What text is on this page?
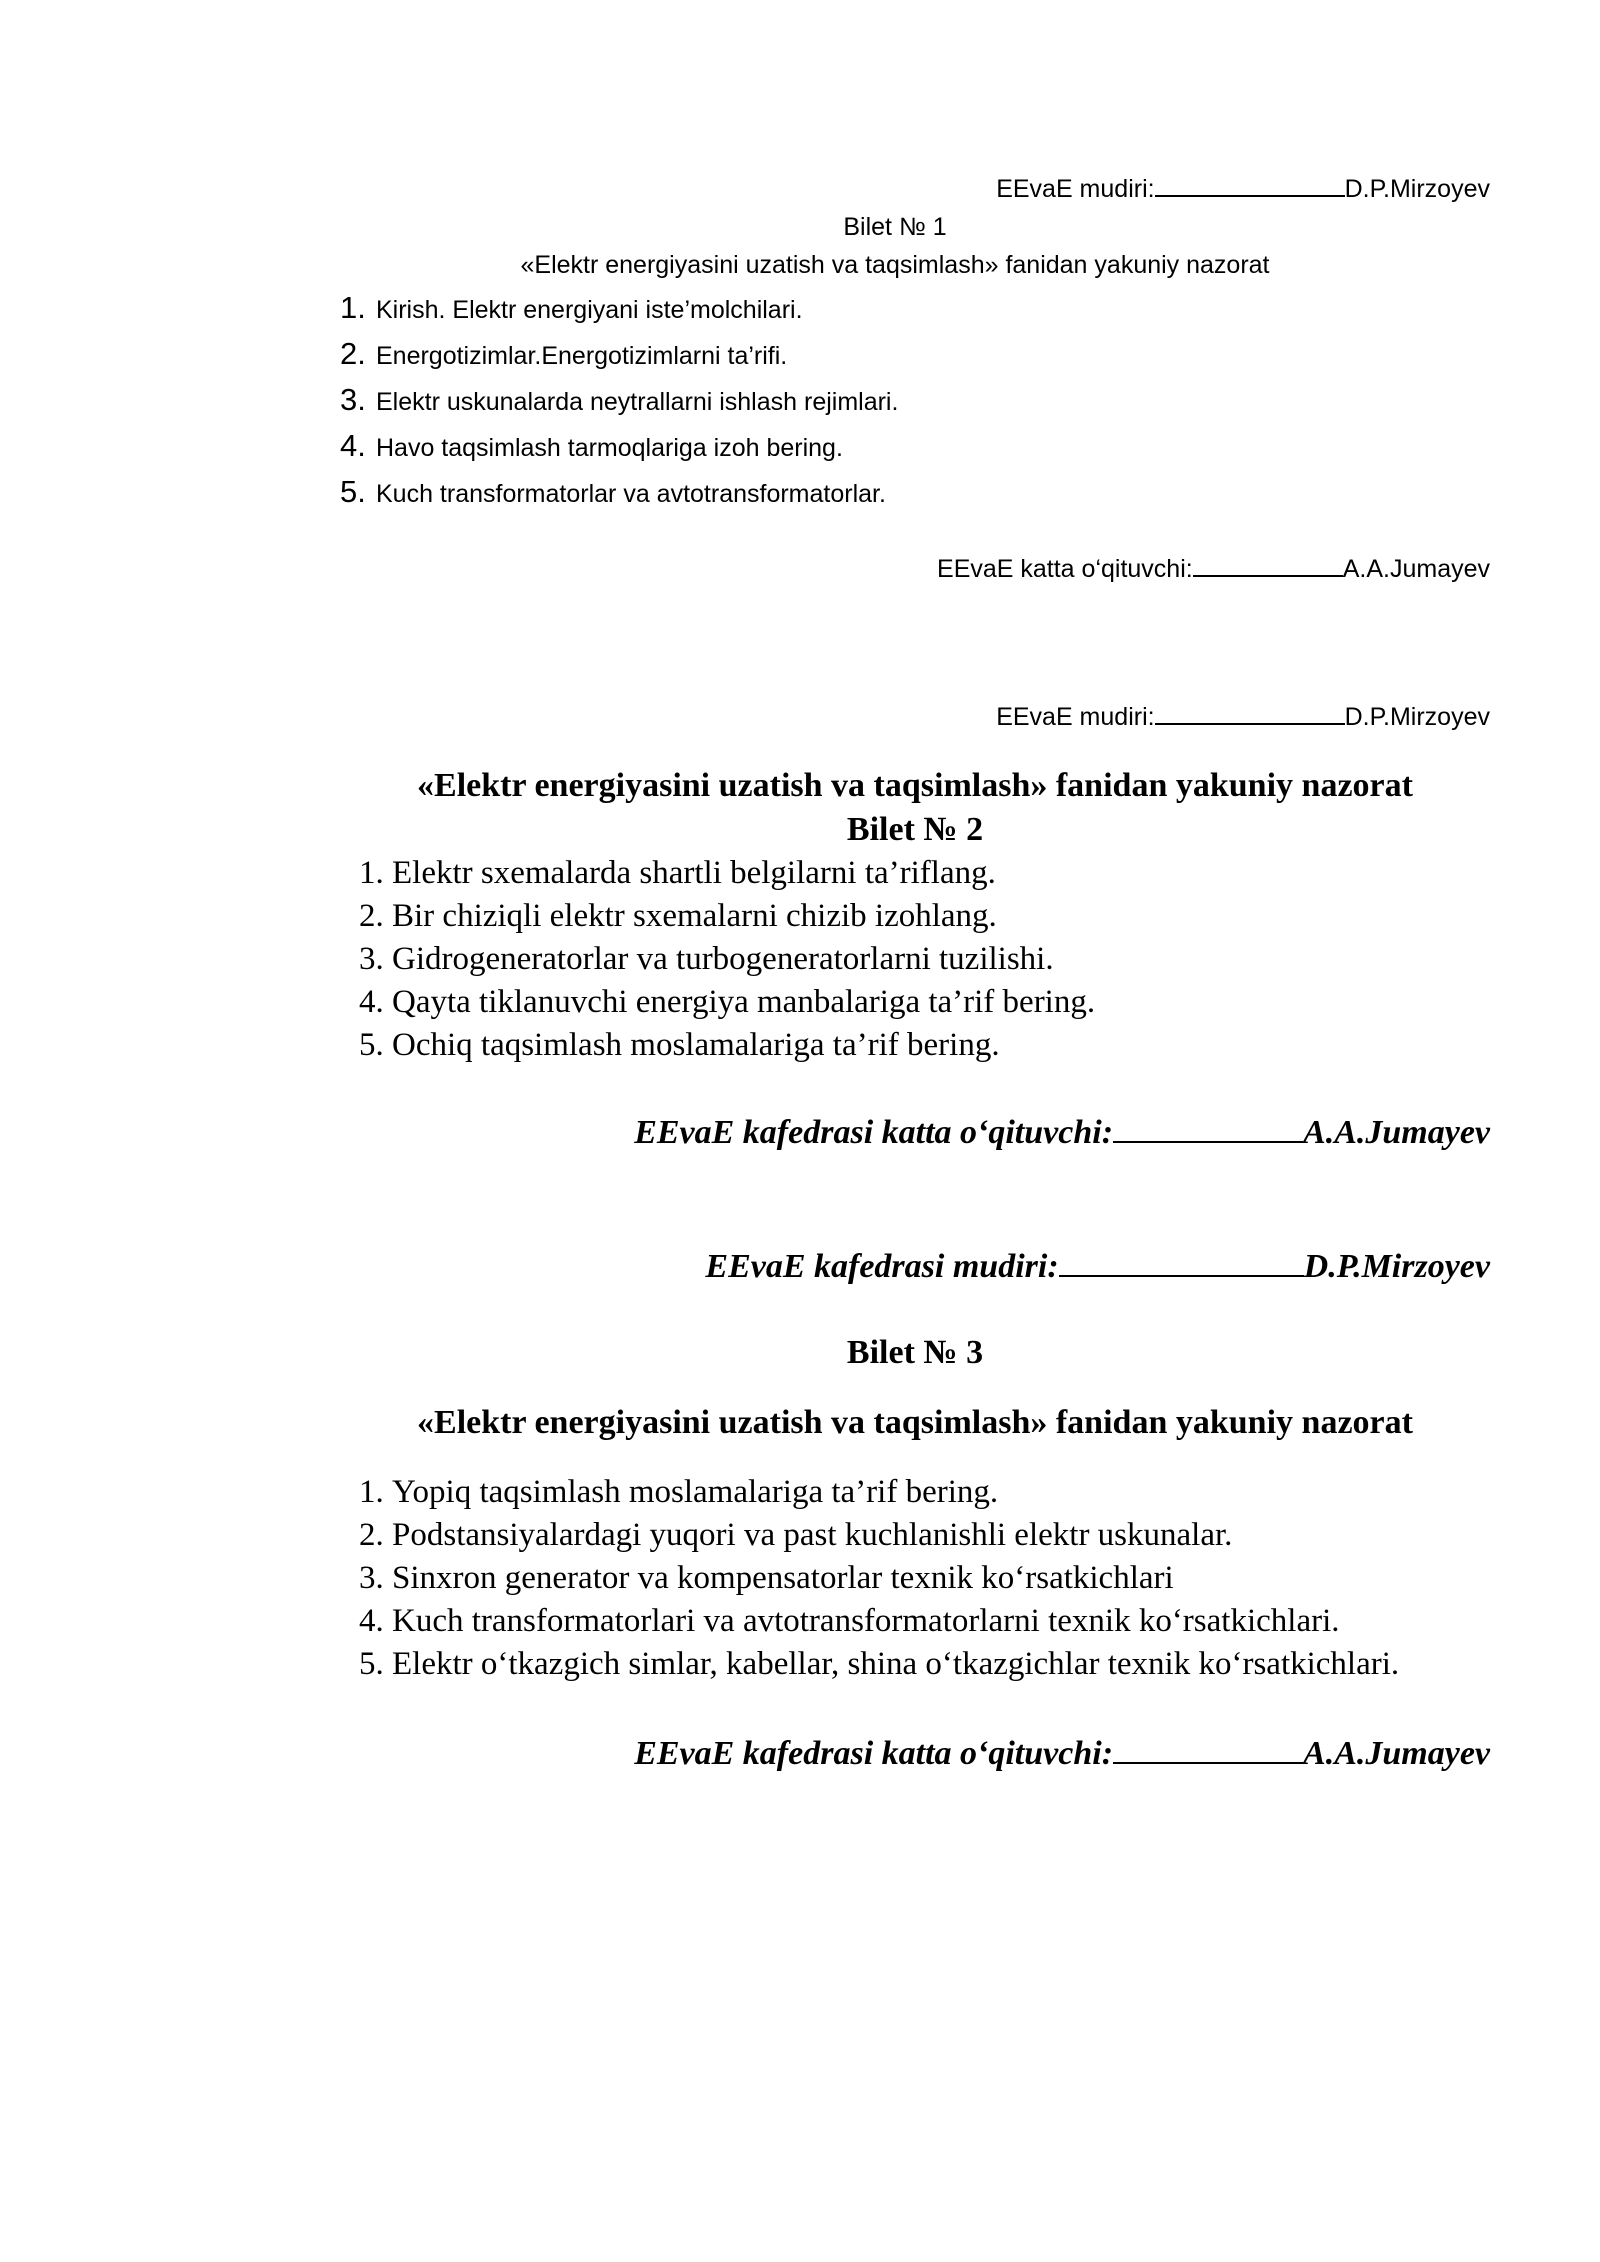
EEvaE mudiri:	D.P.Mirzoyev

Bilet № 1

«Elektr energiyasini uzatish va taqsimlash» fanidan yakuniy nazorat

1. Kirish. Elektr energiyani iste’molchilari.
2. Energotizimlar.Energotizimlarni ta’rifi.
3. Elektr uskunalarda neytrallarni ishlash rejimlari.
4. Havo taqsimlash tarmoqlariga izoh bering.
5. Kuch transformatorlar va avtotransformatorlar.

EEvaE katta o‘qituvchi:	A.A.Jumayev

EEvaE mudiri:	D.P.Mirzoyev

«Elektr energiyasini uzatish va taqsimlash» fanidan yakuniy nazorat

Bilet № 2

1. Elektr sxemalarda shartli belgilarni ta’riflang.
2. Bir chiziqli elektr sxemalarni chizib izohlang.
3. Gidrogeneratorlar va turbogeneratorlarni tuzilishi.
4. Qayta tiklanuvchi energiya manbalariga ta’rif bering.
5. Ochiq taqsimlash moslamalariga ta’rif bering.

EEvaE kafedrasi katta o‘qituvchi:	A.A.Jumayev

EEvaE kafedrasi mudiri:	D.P.Mirzoyev

Bilet № 3

«Elektr energiyasini uzatish va taqsimlash» fanidan yakuniy nazorat

1. Yopiq taqsimlash moslamalariga ta’rif bering.
2. Podstansiyalardagi yuqori va past kuchlanishli elektr uskunalar.
3. Sinxron generator va kompensatorlar texnik ko‘rsatkichlari
4. Kuch transformatorlari va avtotransformatorlarni texnik ko‘rsatkichlari.
5. Elektr o‘tkazgich simlar, kabellar, shina o‘tkazgichlar texnik ko‘rsatkichlari.

EEvaE kafedrasi katta o‘qituvchi:	A.A.Jumayev
